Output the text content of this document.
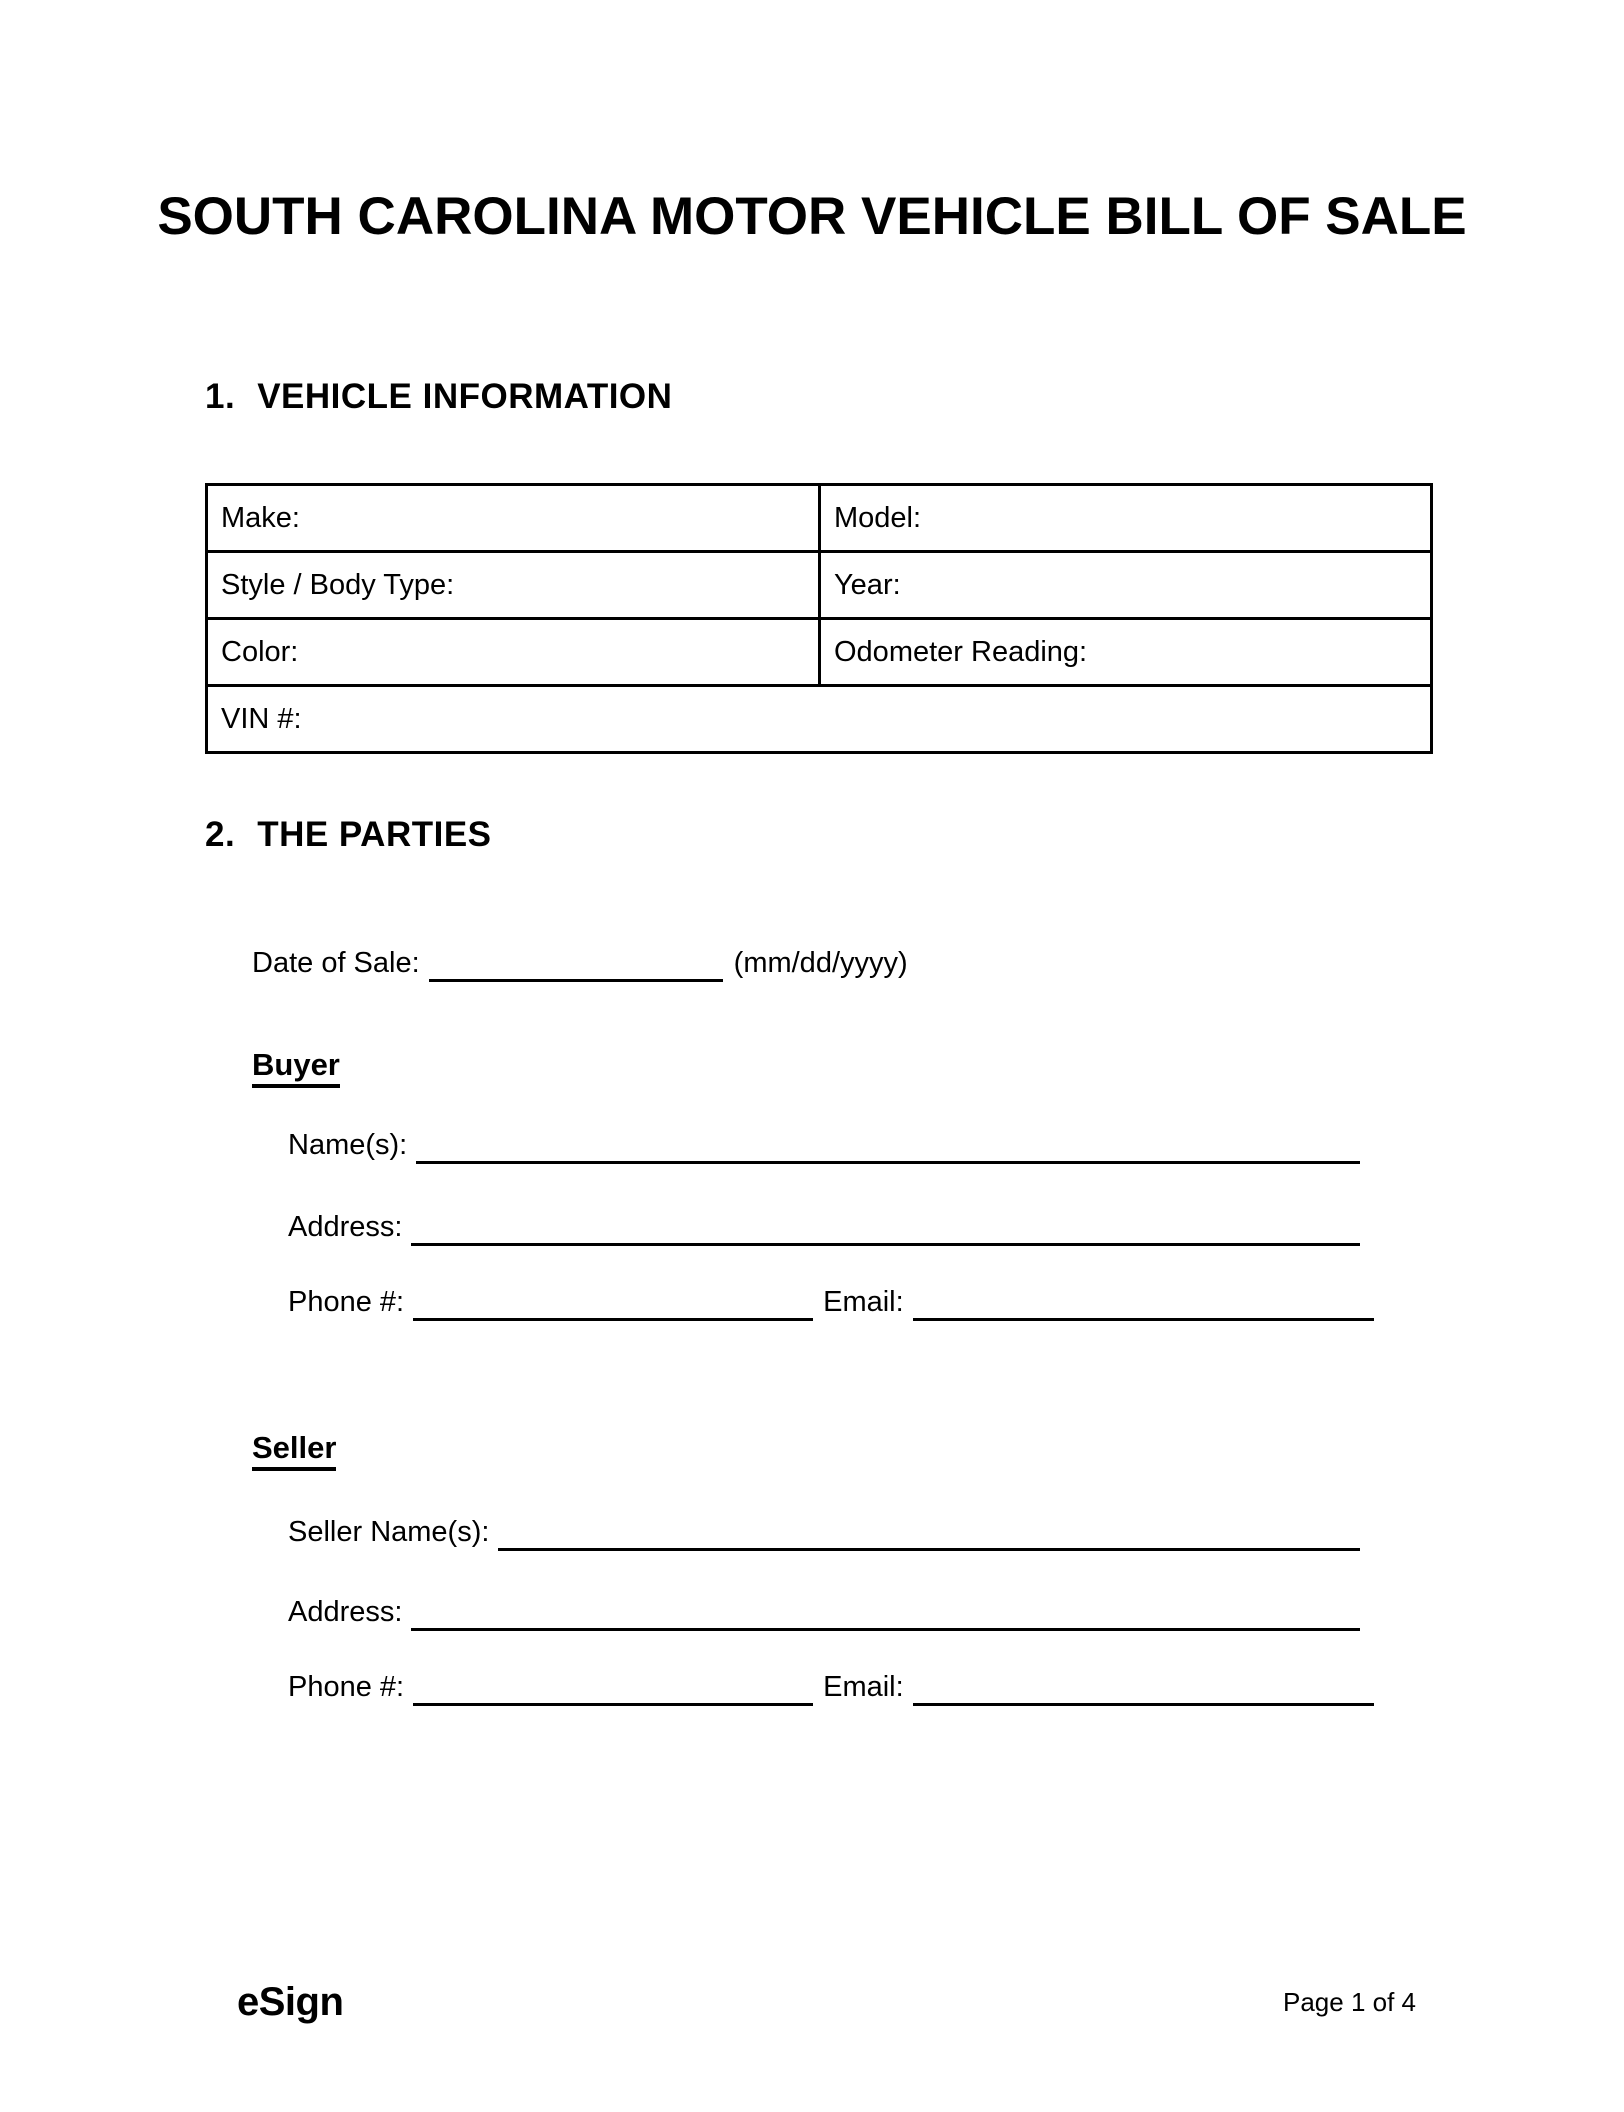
SOUTH CAROLINA MOTOR VEHICLE BILL OF SALE
1. VEHICLE INFORMATION
Make:	Model:

Style / Body Type:	Year:

Color:	Odometer Reading:

VIN #:	
2. THE PARTIES
Date of Sale:	(mm/dd/yyyy)
Buyer
Name(s):
Address:
Phone #:	Email:
Seller
Seller Name(s):
Address:
Phone #:	Email:
eSign	Page 1 of 4
